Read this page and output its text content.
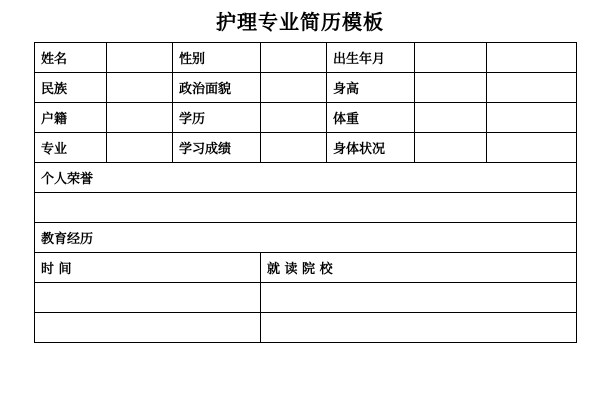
护理专业简历模板
姓名		性别		出生年月		
民族		政治面貌		身高		
户籍		学历		体重		
专业		学习成绩		身体状况		
个人荣誉						

教育经历						
时 间			就 读 院 校			
